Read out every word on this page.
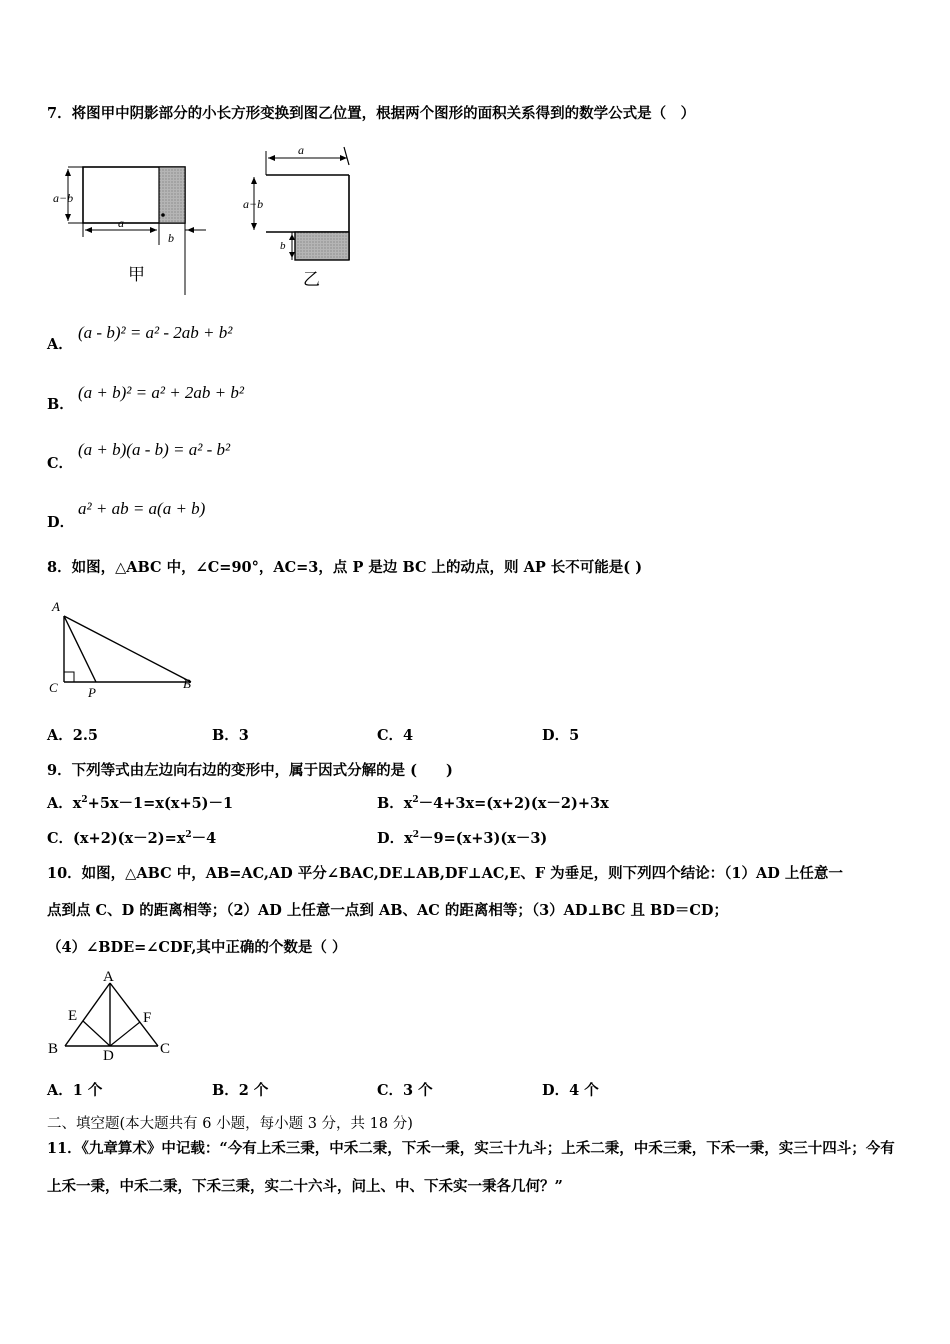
7．将图甲中阴影部分的小长方形变换到图乙位置，根据两个图形的面积关系得到的数学公式是（　）
a−b
a
b
甲
a
a−b
b
乙
A．
(a - b)² = a² - 2ab + b²
B．
(a + b)² = a² + 2ab + b²
C．
(a + b)(a - b) = a² - b²
D．
a² + ab = a(a + b)
8．如图，△ABC 中，∠C=90°，AC=3，点 P 是边 BC 上的动点，则 AP 长不可能是( )
A
C P
B
A．2.5	B．3	C．4	D．5
9．下列等式由左边向右边的变形中，属于因式分解的是 (　　)
A．$x^2+5x-1=x(x+5)-1$	B．$x^2-4+3x=(x+2)(x-2)+3x$
C．$(x+2)(x-2)=x^2-4$	D．$x^2-9=(x+3)(x-3)$
10．如图，△ABC 中，AB=AC,AD 平分∠BAC,DE⊥AB,DF⊥AC,E、F 为垂足，则下列四个结论：（1）AD 上任意一
点到点 C、D 的距离相等；（2）AD 上任意一点到 AB、AC 的距离相等；（3）AD⊥BC 且 BD＝CD；
（4）∠BDE=∠CDF,其中正确的个数是（ ）
A
B	C
D
E	F
A．1 个	B．2 个	C．3 个	D．4 个
二、填空题(本大题共有 6 小题，每小题 3 分，共 18 分)
11．《九章算术》中记载：“今有上禾三秉，中禾二秉，下禾一秉，实三十九斗；上禾二秉，中禾三秉，下禾一秉，实三十四斗；今有上禾一秉，中禾二秉，下禾三秉，实二十六斗，问上、中、下禾实一秉各几何？”
